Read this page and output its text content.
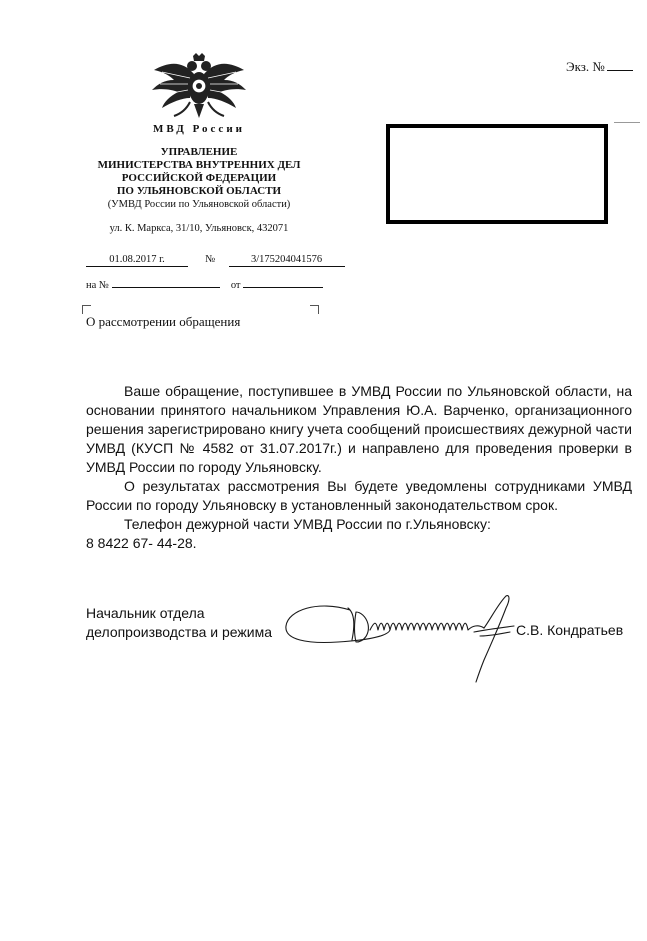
Экз. №
МВД России
УПРАВЛЕНИЕ
МИНИСТЕРСТВА ВНУТРЕННИХ ДЕЛ
РОССИЙСКОЙ ФЕДЕРАЦИИ
ПО УЛЬЯНОВСКОЙ ОБЛАСТИ
(УМВД России по Ульяновской области)
ул. К. Маркса, 31/10, Ульяновск, 432071
01.08.2017 г.	№	3/175204041576
на №	от
О рассмотрении обращения

Ваше обращение, поступившее в УМВД России по Ульяновской области, на основании принятого начальником Управления Ю.А. Варченко, организационного решения зарегистрировано книгу учета сообщений происшествиях дежурной части УМВД (КУСП № 4582 от 31.07.2017г.) и направлено для проведения проверки в УМВД России по городу Ульяновску.

О результатах рассмотрения Вы будете уведомлены сотрудниками УМВД России по городу Ульяновску в установленный законодательством срок.

Телефон дежурной части УМВД России по г.Ульяновску:

8 8422 67- 44-28.

Начальник отдела
делопроизводства и режима	С.В. Кондратьев
